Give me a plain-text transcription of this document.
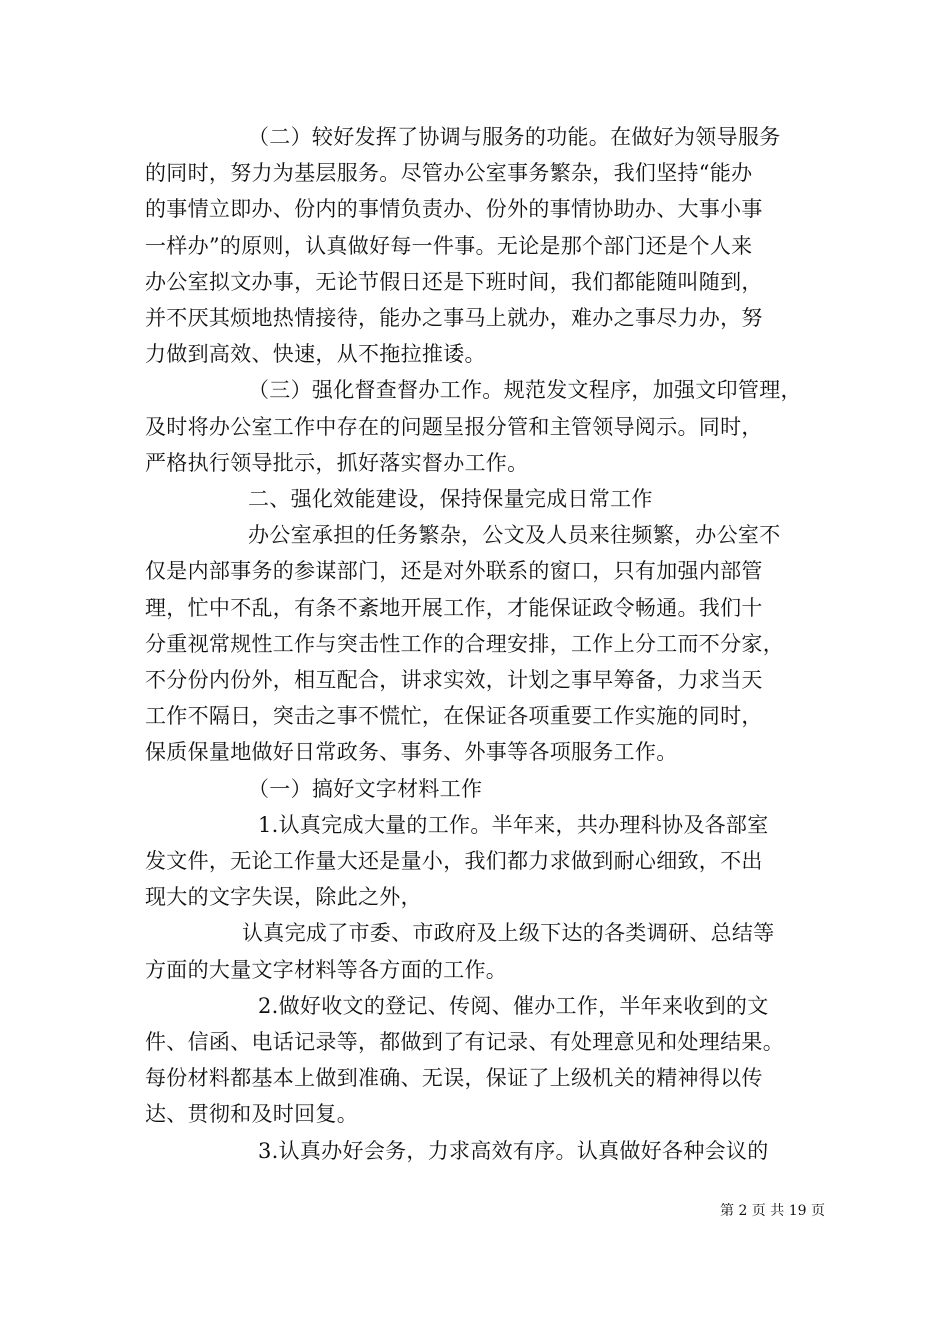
（二）较好发挥了协调与服务的功能。在做好为领导服务
的同时，努力为基层服务。尽管办公室事务繁杂，我们坚持“能办
的事情立即办、份内的事情负责办、份外的事情协助办、大事小事
一样办”的原则，认真做好每一件事。无论是那个部门还是个人来
办公室拟文办事，无论节假日还是下班时间，我们都能随叫随到，
并不厌其烦地热情接待，能办之事马上就办，难办之事尽力办，努
力做到高效、快速，从不拖拉推诿。
（三）强化督查督办工作。规范发文程序，加强文印管理，
及时将办公室工作中存在的问题呈报分管和主管领导阅示。同时，
严格执行领导批示，抓好落实督办工作。
二、强化效能建设，保持保量完成日常工作
办公室承担的任务繁杂，公文及人员来往频繁，办公室不
仅是内部事务的参谋部门，还是对外联系的窗口，只有加强内部管
理，忙中不乱，有条不紊地开展工作，才能保证政令畅通。我们十
分重视常规性工作与突击性工作的合理安排，工作上分工而不分家，
不分份内份外，相互配合，讲求实效，计划之事早筹备，力求当天
工作不隔日，突击之事不慌忙，在保证各项重要工作实施的同时，
保质保量地做好日常政务、事务、外事等各项服务工作。
（一）搞好文字材料工作
1.认真完成大量的工作。半年来，共办理科协及各部室
发文件，无论工作量大还是量小，我们都力求做到耐心细致，不出
现大的文字失误，除此之外，
认真完成了市委、市政府及上级下达的各类调研、总结等
方面的大量文字材料等各方面的工作。
2.做好收文的登记、传阅、催办工作，半年来收到的文
件、信函、电话记录等，都做到了有记录、有处理意见和处理结果。
每份材料都基本上做到准确、无误，保证了上级机关的精神得以传
达、贯彻和及时回复。
3.认真办好会务，力求高效有序。认真做好各种会议的
第 2 页 共 19 页
